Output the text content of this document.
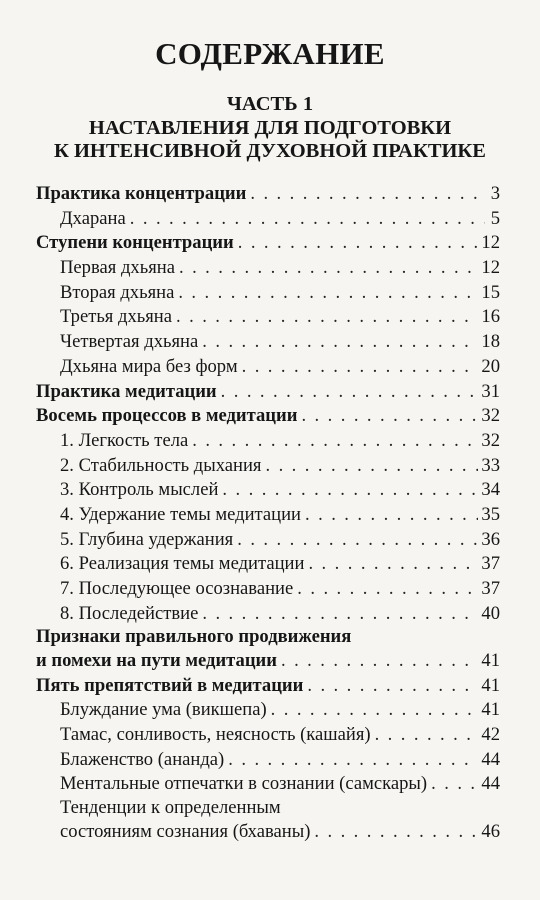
СОДЕРЖАНИЕ
ЧАСТЬ 1
НАСТАВЛЕНИЯ ДЛЯ ПОДГОТОВКИ
К ИНТЕНСИВНОЙ ДУХОВНОЙ ПРАКТИКЕ
Практика концентрации . . .	3
Дхарана . . .	5
Ступени концентрации . . .	12
Первая дхьяна . . .	12
Вторая дхьяна . . .	15
Третья дхьяна . . .	16
Четвертая дхьяна . . .	18
Дхьяна мира без форм . . .	20
Практика медитации . . .	31
Восемь процессов в медитации . . .	32
1. Легкость тела . . .	32
2. Стабильность дыхания . . .	33
3. Контроль мыслей . . .	34
4. Удержание темы медитации . . .	35
5. Глубина удержания . . .	36
6. Реализация темы медитации . . .	37
7. Последующее осознавание . . .	37
8. Последействие . . .	40
Признаки правильного продвижения
и помехи на пути медитации . . .	41
Пять препятствий в медитации . . .	41
Блуждание ума (викшепа) . . .	41
Тамас, сонливость, неясность (кашайя) . . .	42
Блаженство (ананда) . . .	44
Ментальные отпечатки в сознании (самскары) . . .	44
Тенденции к определенным
состояниям сознания (бхаваны) . . .	46
